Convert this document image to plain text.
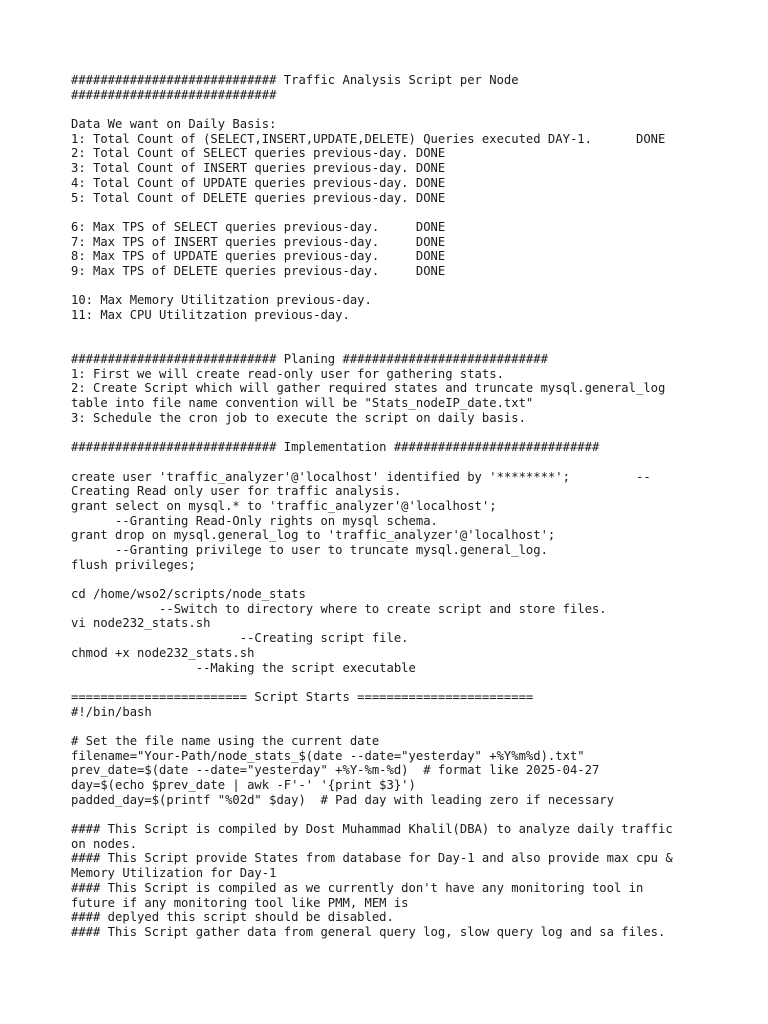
############################ Traffic Analysis Script per Node
############################
Data We want on Daily Basis:
1: Total Count of (SELECT,INSERT,UPDATE,DELETE) Queries executed DAY-1.      DONE
2: Total Count of SELECT queries previous-day. DONE
3: Total Count of INSERT queries previous-day. DONE
4: Total Count of UPDATE queries previous-day. DONE
5: Total Count of DELETE queries previous-day. DONE
6: Max TPS of SELECT queries previous-day.     DONE
7: Max TPS of INSERT queries previous-day.     DONE
8: Max TPS of UPDATE queries previous-day.     DONE
9: Max TPS of DELETE queries previous-day.     DONE
10: Max Memory Utilitzation previous-day.
11: Max CPU Utilitzation previous-day.
############################ Planing ############################
1: First we will create read-only user for gathering stats.
2: Create Script which will gather required states and truncate mysql.general_log
table into file name convention will be "Stats_nodeIP_date.txt"
3: Schedule the cron job to execute the script on daily basis.
############################ Implementation ############################
create user 'traffic_analyzer'@'localhost' identified by '********';         --
Creating Read only user for traffic analysis.
grant select on mysql.* to 'traffic_analyzer'@'localhost';
--Granting Read-Only rights on mysql schema.
grant drop on mysql.general_log to 'traffic_analyzer'@'localhost';
--Granting privilege to user to truncate mysql.general_log.
flush privileges;
cd /home/wso2/scripts/node_stats
--Switch to directory where to create script and store files.
vi node232_stats.sh
--Creating script file.
chmod +x node232_stats.sh
--Making the script executable
======================== Script Starts ========================
#!/bin/bash
# Set the file name using the current date
filename="Your-Path/node_stats_$(date --date="yesterday" +%Y%m%d).txt"
prev_date=$(date --date="yesterday" +%Y-%m-%d)  # format like 2025-04-27
day=$(echo $prev_date | awk -F'-' '{print $3}')
padded_day=$(printf "%02d" $day)  # Pad day with leading zero if necessary
#### This Script is compiled by Dost Muhammad Khalil(DBA) to analyze daily traffic
on nodes.
#### This Script provide States from database for Day-1 and also provide max cpu &
Memory Utilization for Day-1
#### This Script is compiled as we currently don't have any monitoring tool in
future if any monitoring tool like PMM, MEM is
#### deplyed this script should be disabled.
#### This Script gather data from general query log, slow query log and sa files.
